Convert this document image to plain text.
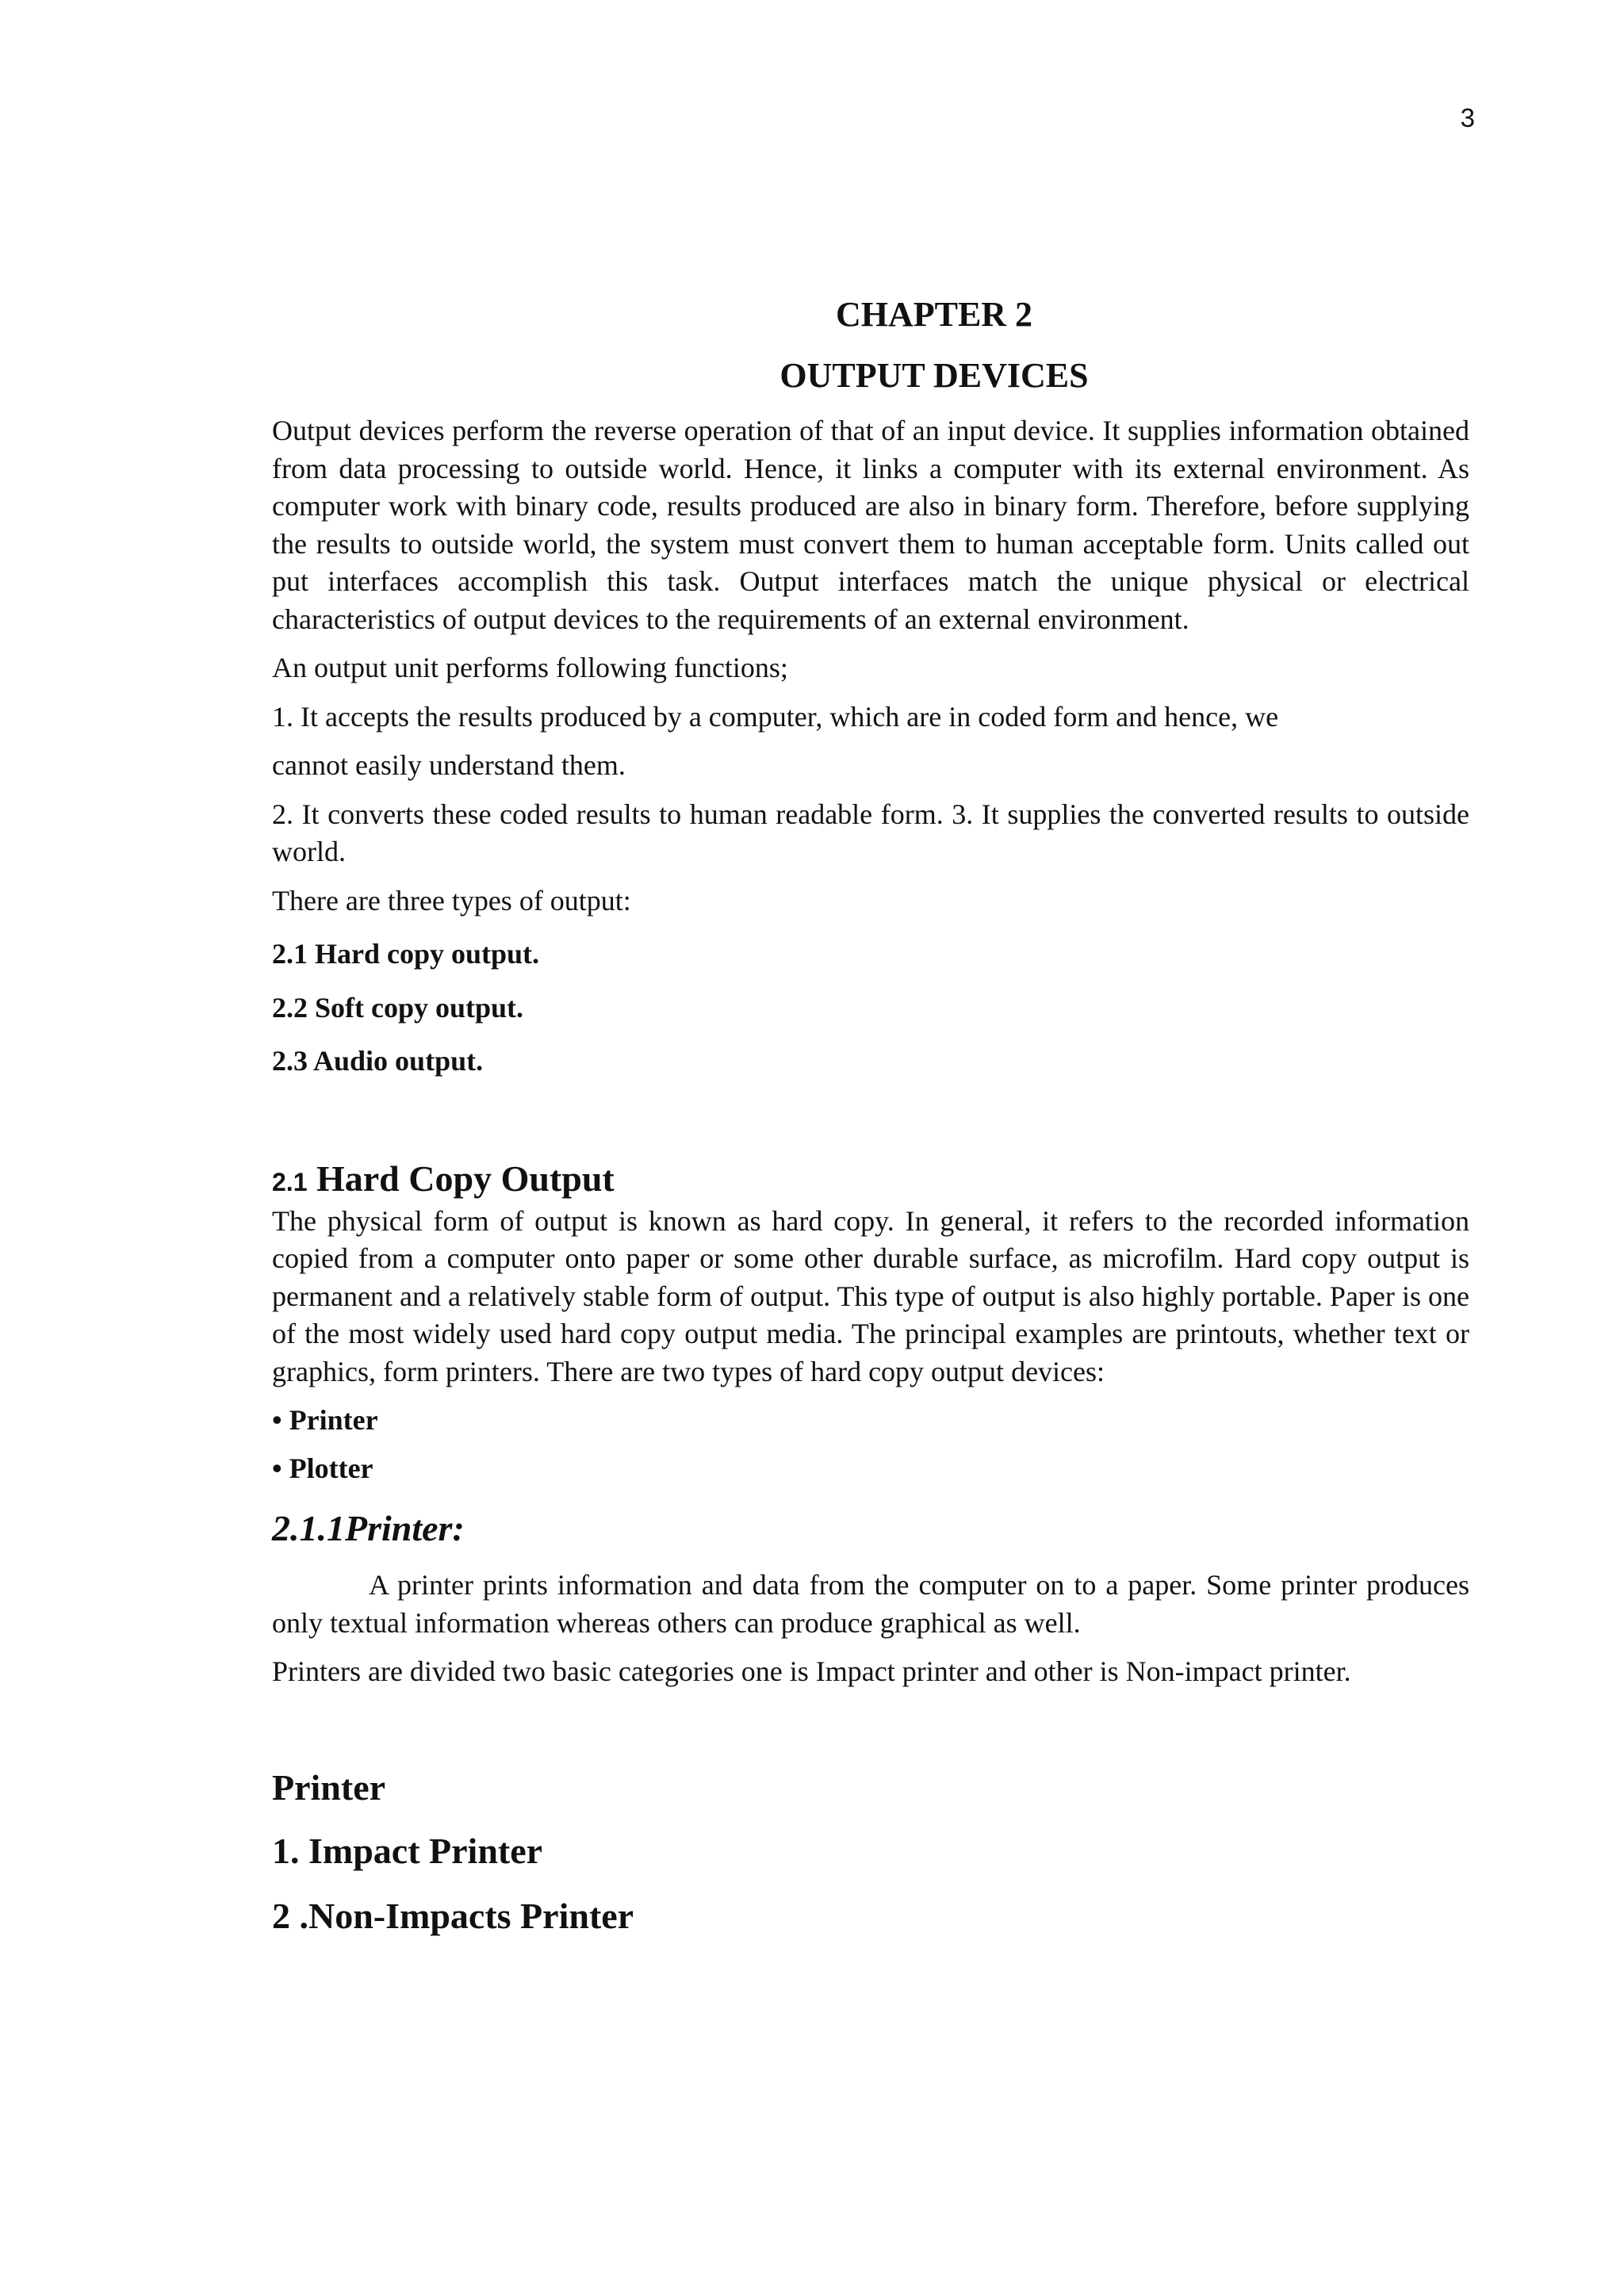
3
CHAPTER 2
OUTPUT DEVICES

Output devices perform the reverse operation of that of an input device. It supplies information obtained from data processing to outside world. Hence, it links a computer with its external environment. As computer work with binary code, results produced are also in binary form. Therefore, before supplying the results to outside world, the system must convert them to human acceptable form. Units called out put interfaces accomplish this task. Output interfaces match the unique physical or electrical characteristics of output devices to the requirements of an external environment.

An output unit performs following functions;

1. It accepts the results produced by a computer, which are in coded form and hence, we

cannot easily understand them.

2. It converts these coded results to human readable form. 3. It supplies the converted results to outside world.

There are three types of output:

2.1 Hard copy output.

2.2 Soft copy output.

2.3 Audio output.

2.1 Hard Copy Output

The physical form of output is known as hard copy. In general, it refers to the recorded information copied from a computer onto paper or some other durable surface, as microfilm. Hard copy output is permanent and a relatively stable form of output. This type of output is also highly portable. Paper is one of the most widely used hard copy output media. The principal examples are printouts, whether text or graphics, form printers. There are two types of hard copy output devices:

• Printer
• Plotter
2.1.1Printer:

A printer prints information and data from the computer on to a paper. Some printer produces only textual information whereas others can produce graphical as well.

Printers are divided two basic categories one is Impact printer and other is Non-impact printer.

Printer
1. Impact Printer
2 .Non-Impacts Printer
